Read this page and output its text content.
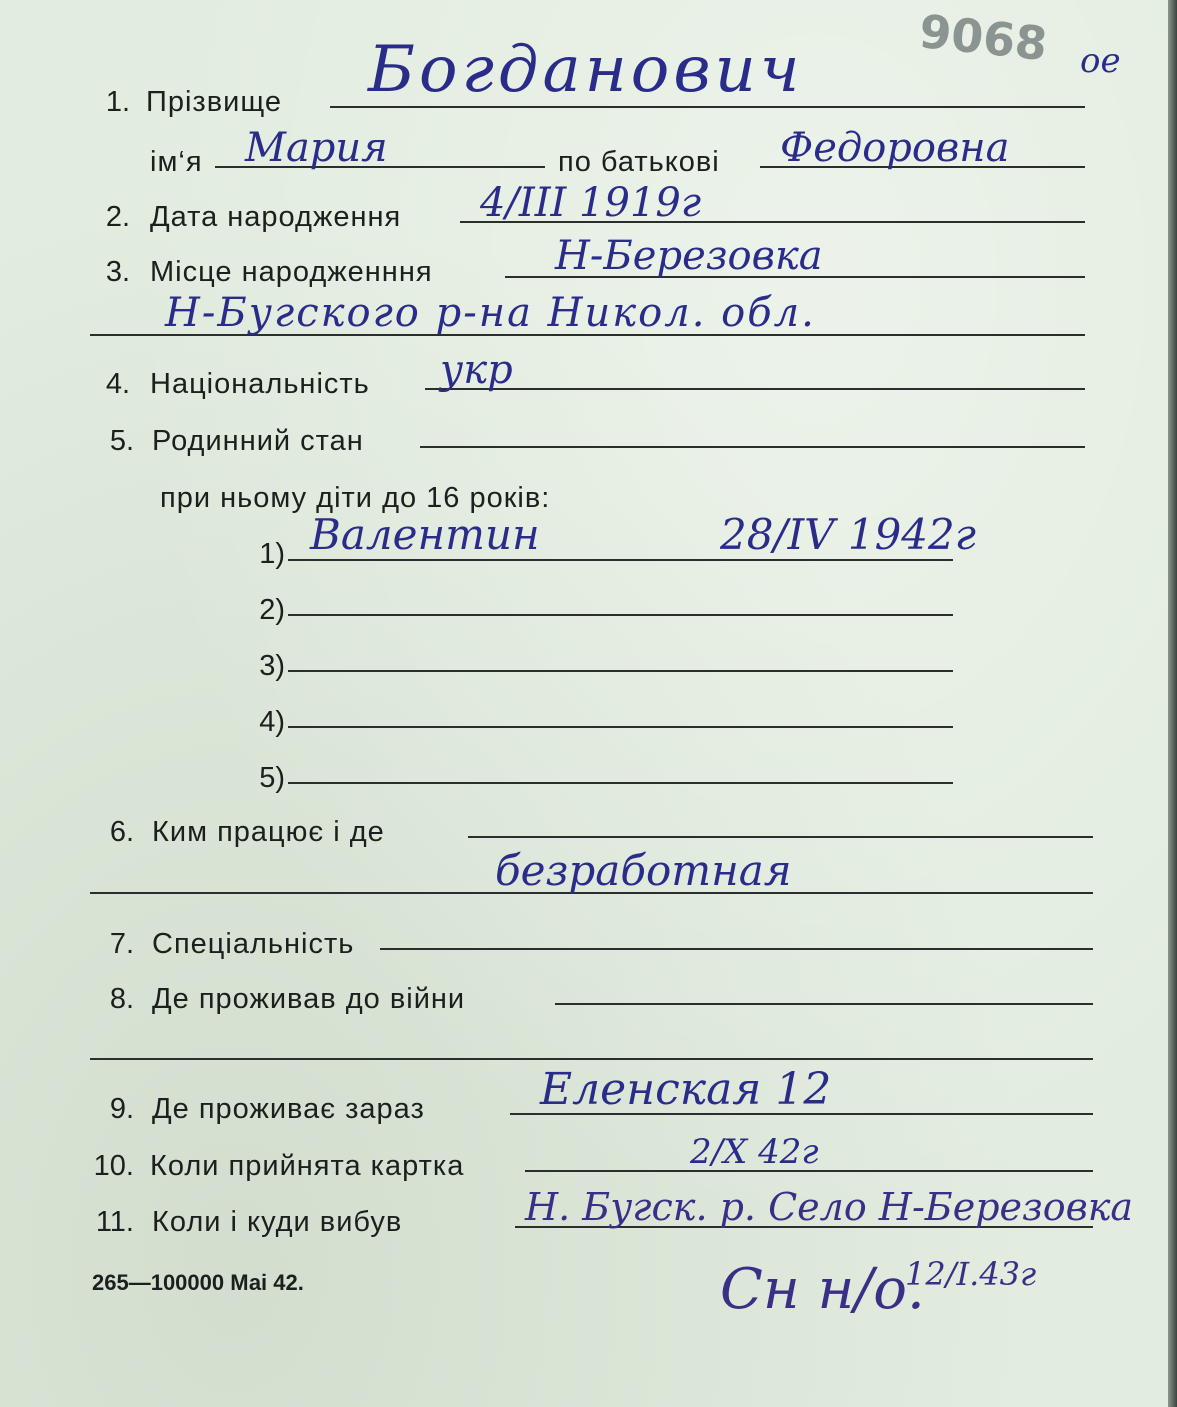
9068
1. Прізвище Богданович	ое
ім‘я Мария	по батькові Федоровна
2. Дата народження 4/III 1919г
3. Місце народженння	Н-Березовка
Н-Бугского р-на Никол. обл.
4. Національність укр
5. Родинний стан
при ньому діти до 16 років:
1) Валентин	28/IV 1942г
2)
3)
4)
5)
6. Ким працює і де
безработная
7. Спеціальність
8. Де проживав до війни
9. Де проживає зараз	Еленская 12
10. Коли прийнята картка	2/X 42г
11. Коли і куди вибув	Н. Бугск. р. Село Н-Березовка
Сн н/о.
12/I.43г
265—100000 Маі 42.
